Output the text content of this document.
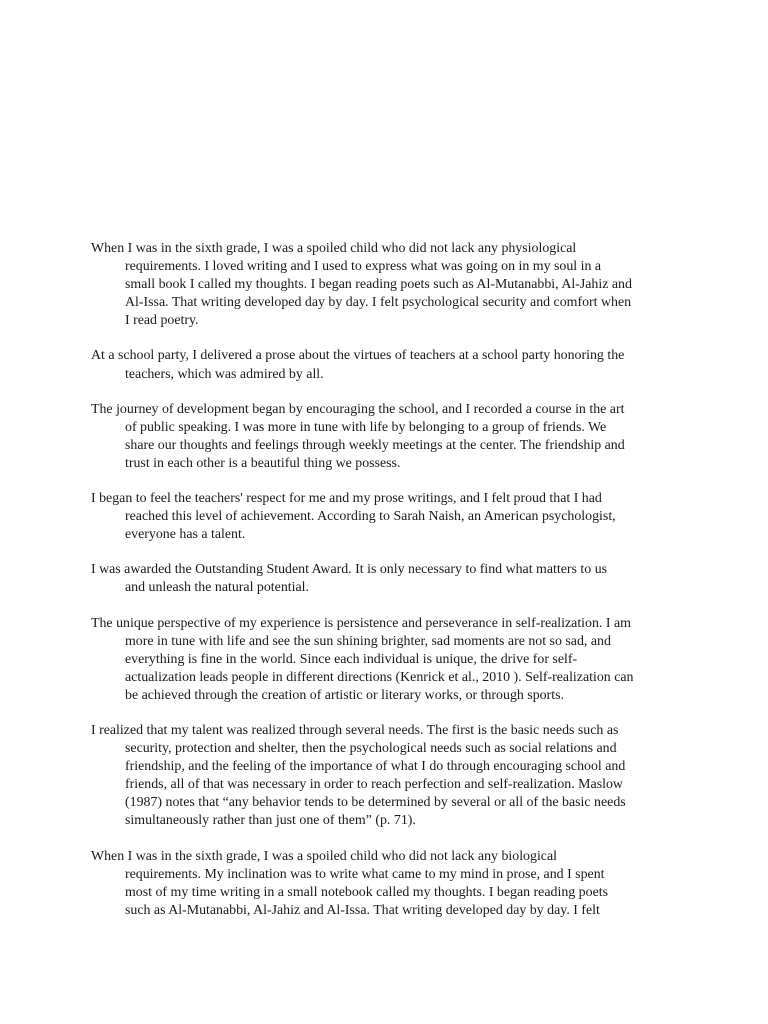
When I was in the sixth grade, I was a spoiled child who did not lack any physiological
requirements. I loved writing and I used to express what was going on in my soul in a
small book I called my thoughts. I began reading poets such as Al-Mutanabbi, Al-Jahiz and
Al-Issa. That writing developed day by day. I felt psychological security and comfort when
I read poetry.

At a school party, I delivered a prose about the virtues of teachers at a school party honoring the
teachers, which was admired by all.

The journey of development began by encouraging the school, and I recorded a course in the art
of public speaking. I was more in tune with life by belonging to a group of friends. We
share our thoughts and feelings through weekly meetings at the center. The friendship and
trust in each other is a beautiful thing we possess.

I began to feel the teachers' respect for me and my prose writings, and I felt proud that I had
reached this level of achievement. According to Sarah Naish, an American psychologist,
everyone has a talent.

I was awarded the Outstanding Student Award. It is only necessary to find what matters to us
and unleash the natural potential.

The unique perspective of my experience is persistence and perseverance in self-realization. I am
more in tune with life and see the sun shining brighter, sad moments are not so sad, and
everything is fine in the world. Since each individual is unique, the drive for self-
actualization leads people in different directions (Kenrick et al., 2010 ). Self-realization can
be achieved through the creation of artistic or literary works, or through sports.

I realized that my talent was realized through several needs. The first is the basic needs such as
security, protection and shelter, then the psychological needs such as social relations and
friendship, and the feeling of the importance of what I do through encouraging school and
friends, all of that was necessary in order to reach perfection and self-realization. Maslow
(1987) notes that “any behavior tends to be determined by several or all of the basic needs
simultaneously rather than just one of them” (p. 71).

When I was in the sixth grade, I was a spoiled child who did not lack any biological
requirements. My inclination was to write what came to my mind in prose, and I spent
most of my time writing in a small notebook called my thoughts. I began reading poets
such as Al-Mutanabbi, Al-Jahiz and Al-Issa. That writing developed day by day. I felt
